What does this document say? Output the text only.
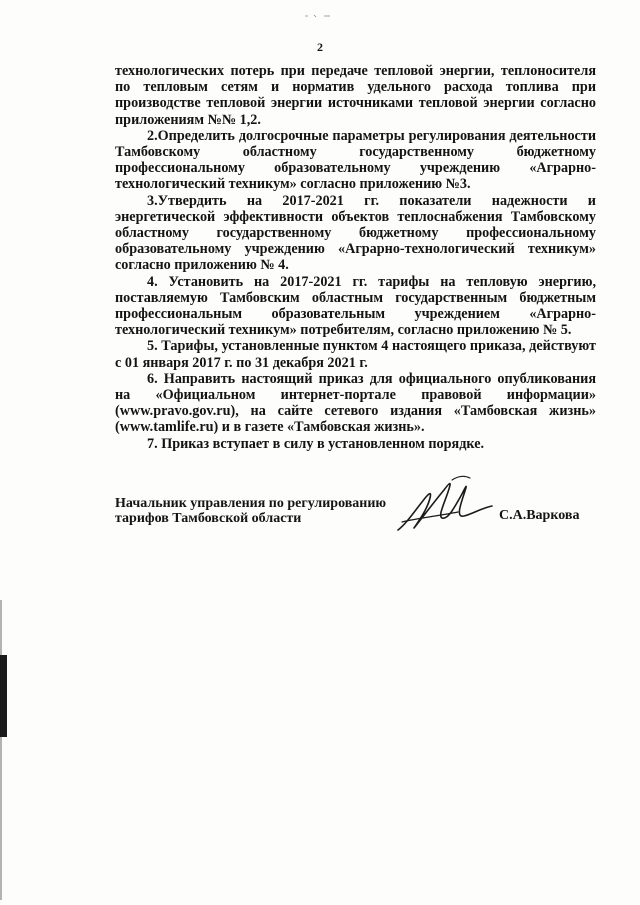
2

технологических потерь при передаче тепловой энергии, теплоносителя по тепловым сетям и норматив удельного расхода топлива при производстве тепловой энергии источниками тепловой энергии согласно приложениям №№ 1,2.

2.Определить долгосрочные параметры регулирования деятельности Тамбовскому областному государственному бюджетному профессиональному образовательному учреждению «Аграрно-технологический техникум» согласно приложению №3.

3.Утвердить на 2017-2021 гг. показатели надежности и энергетической эффективности объектов теплоснабжения Тамбовскому областному государственному бюджетному профессиональному образовательному учреждению «Аграрно-технологический техникум» согласно приложению № 4.

4. Установить на 2017-2021 гг. тарифы на тепловую энергию, поставляемую Тамбовским областным государственным бюджетным профессиональным образовательным учреждением «Аграрно-технологический техникум» потребителям, согласно приложению № 5.

5. Тарифы, установленные пунктом 4 настоящего приказа, действуют с 01 января 2017 г. по 31 декабря 2021 г.

6. Направить настоящий приказ для официального опубликования на «Официальном интернет-портале правовой информации» (www.pravo.gov.ru), на сайте сетевого издания «Тамбовская жизнь» (www.tamlife.ru) и в газете «Тамбовская жизнь».

7. Приказ вступает в силу в установленном порядке.

Начальник управления по регулированию
тарифов Тамбовской области	С.А.Варкова
